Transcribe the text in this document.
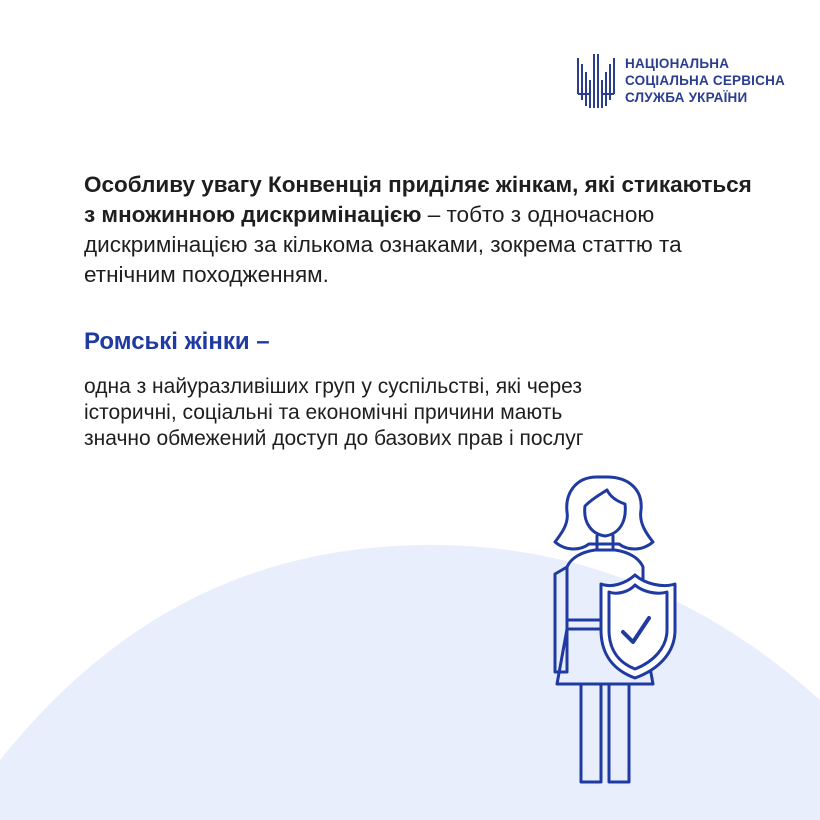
НАЦІОНАЛЬНА
СОЦІАЛЬНА СЕРВІСНА
СЛУЖБА УКРАЇНИ
Особливу увагу Конвенція приділяє жінкам, які стикаються з множинною дискримінацією – тобто з одночасною дискримінацією за кількома ознаками, зокрема статтю та етнічним походженням.
Ромські жінки –
одна з найуразливіших груп у суспільстві, які через
історичні, соціальні та економічні причини мають
значно обмежений доступ до базових прав і послуг
